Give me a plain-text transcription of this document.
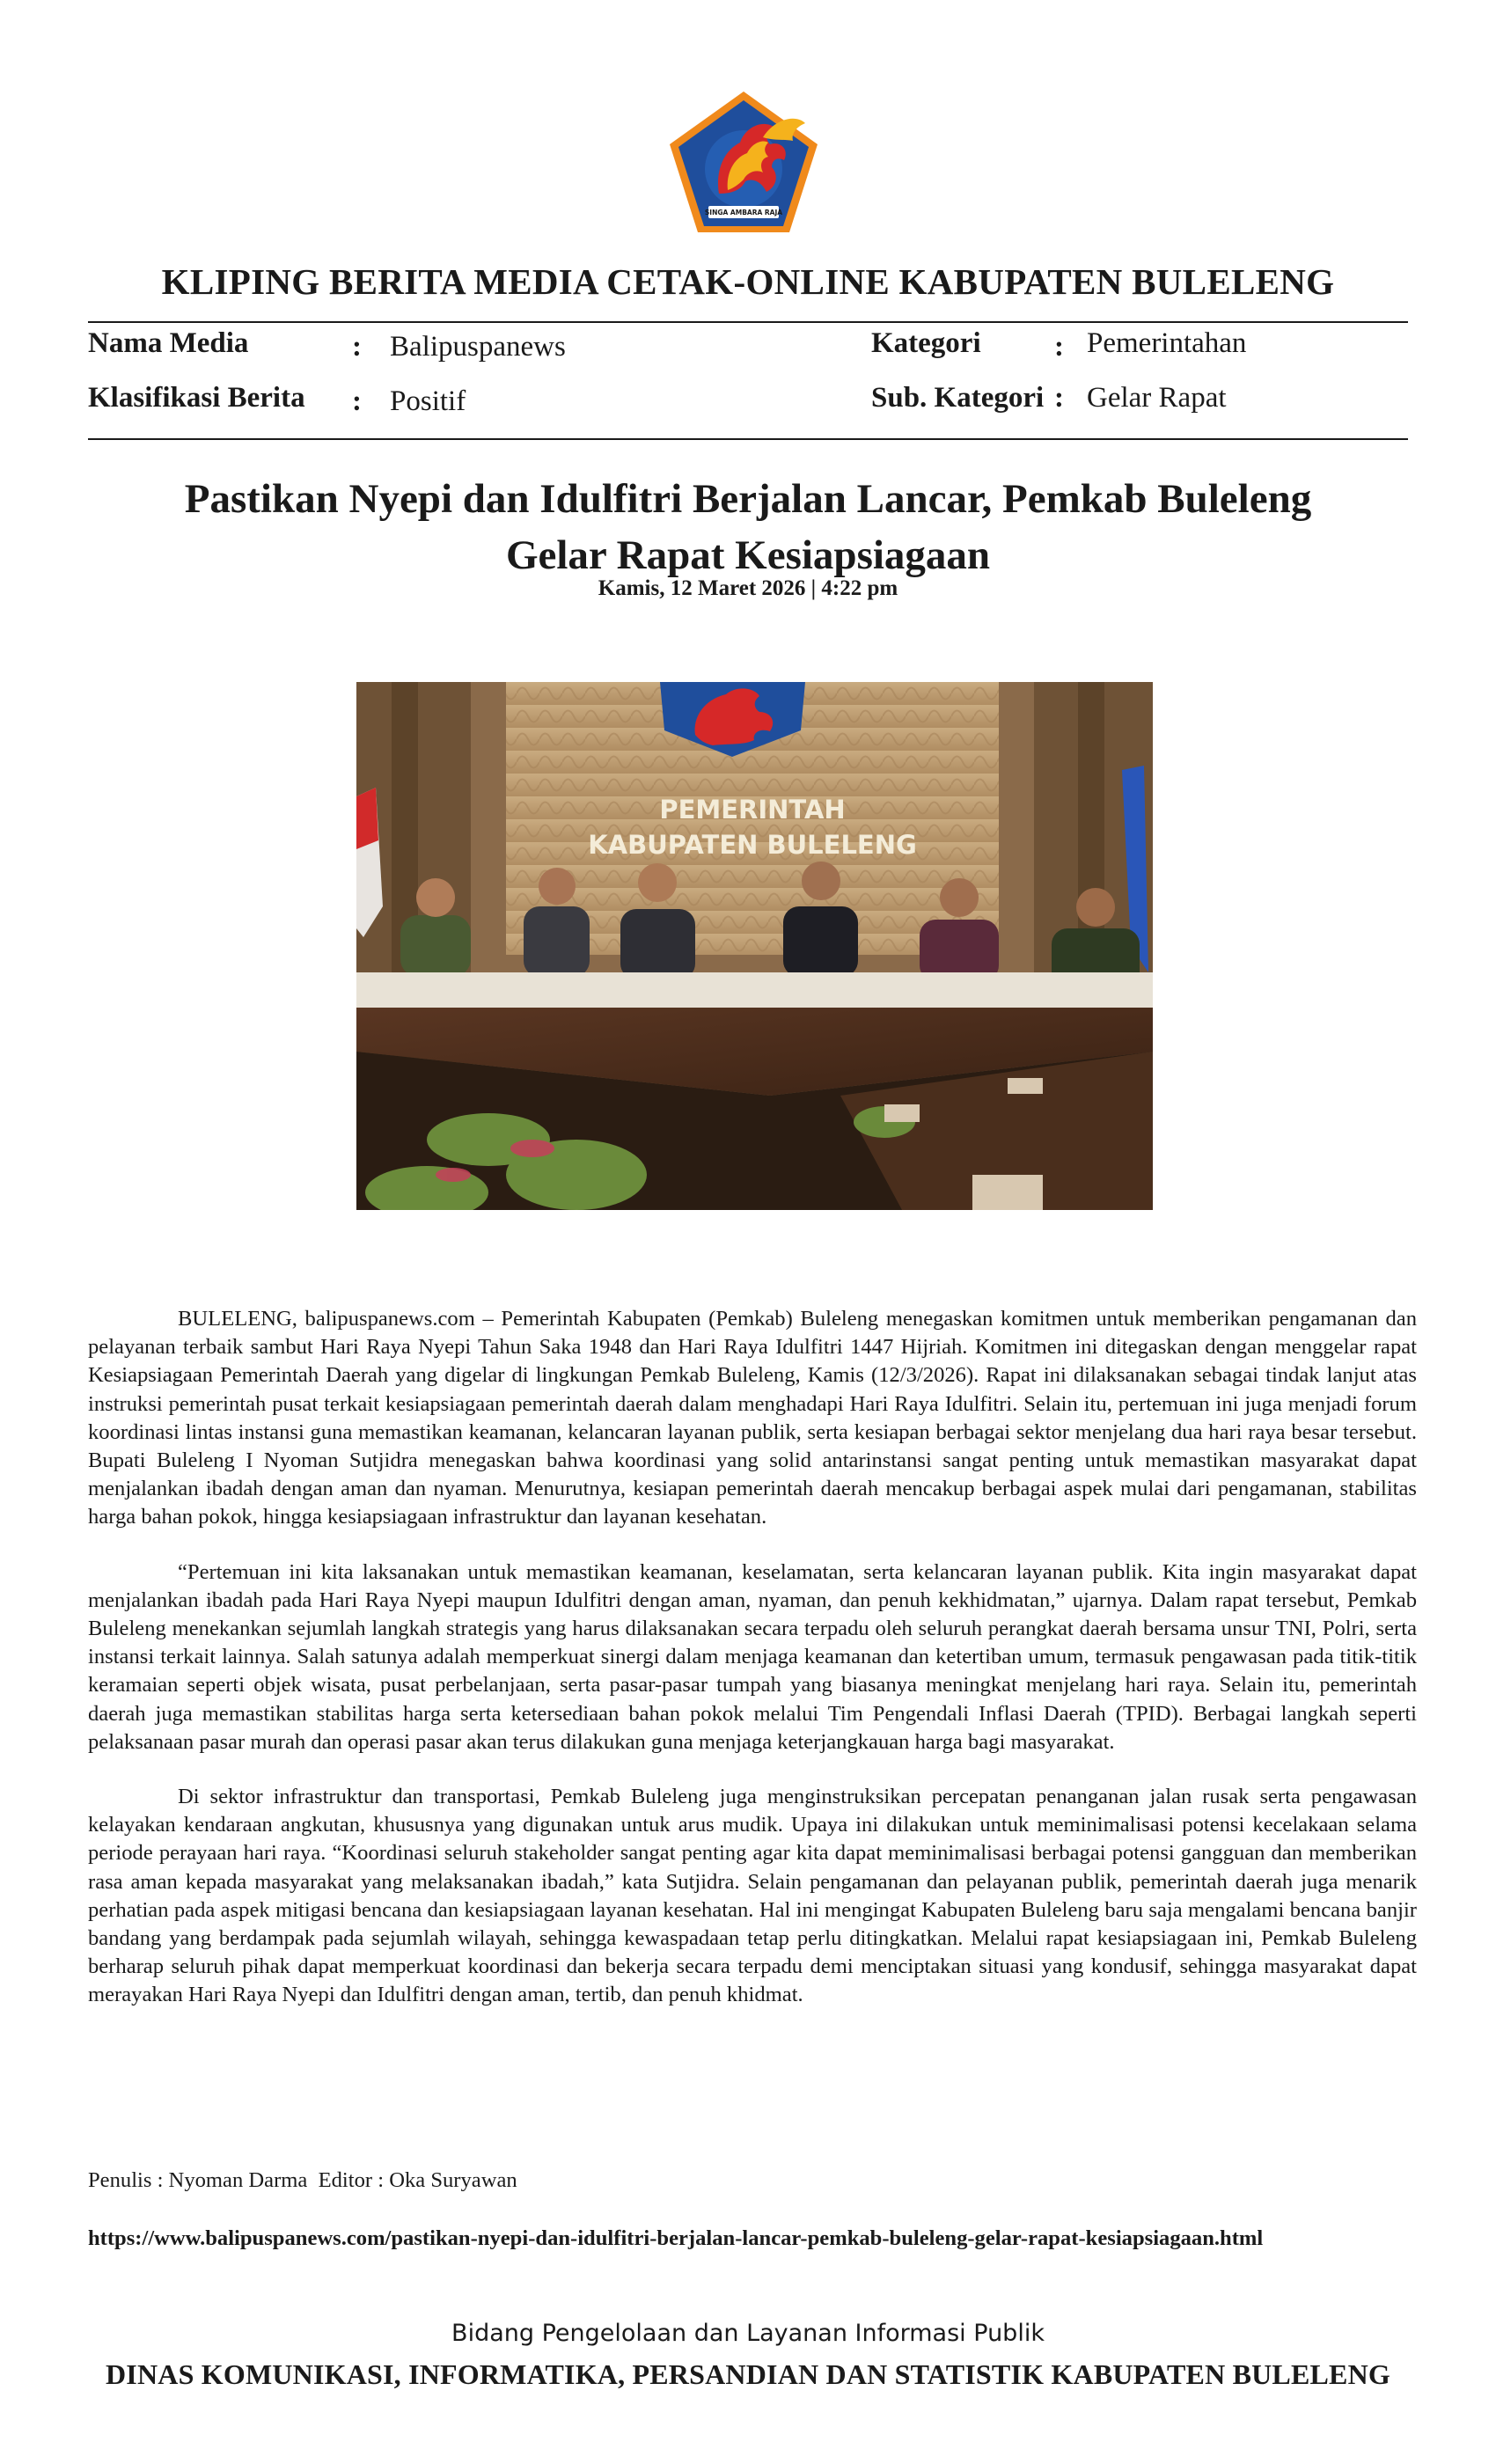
SINGA AMBARA RAJA
KLIPING BERITA MEDIA CETAK-ONLINE KABUPATEN BULELENG
Nama Media	: Balipuspanews
Klasifikasi Berita : Positif
Kategori	: Pemerintahan
Sub. Kategori : Gelar Rapat
Pastikan Nyepi dan Idulfitri Berjalan Lancar, Pemkab Buleleng
Gelar Rapat Kesiapsiagaan
Kamis, 12 Maret 2026 | 4:22 pm
PEMERINTAH
KABUPATEN BULELENG

BULELENG, balipuspanews.com – Pemerintah Kabupaten (Pemkab) Buleleng menegaskan komitmen untuk memberikan pengamanan dan pelayanan terbaik sambut Hari Raya Nyepi Tahun Saka 1948 dan Hari Raya Idulfitri 1447 Hijriah. Komitmen ini ditegaskan dengan menggelar rapat Kesiapsiagaan Pemerintah Daerah yang digelar di lingkungan Pemkab Buleleng, Kamis (12/3/2026). Rapat ini dilaksanakan sebagai tindak lanjut atas instruksi pemerintah pusat terkait kesiapsiagaan pemerintah daerah dalam menghadapi Hari Raya Idulfitri. Selain itu, pertemuan ini juga menjadi forum koordinasi lintas instansi guna memastikan keamanan, kelancaran layanan publik, serta kesiapan berbagai sektor menjelang dua hari raya besar tersebut. Bupati Buleleng I Nyoman Sutjidra menegaskan bahwa koordinasi yang solid antarinstansi sangat penting untuk memastikan masyarakat dapat menjalankan ibadah dengan aman dan nyaman. Menurutnya, kesiapan pemerintah daerah mencakup berbagai aspek mulai dari pengamanan, stabilitas harga bahan pokok, hingga kesiapsiagaan infrastruktur dan layanan kesehatan.

“Pertemuan ini kita laksanakan untuk memastikan keamanan, keselamatan, serta kelancaran layanan publik. Kita ingin masyarakat dapat menjalankan ibadah pada Hari Raya Nyepi maupun Idulfitri dengan aman, nyaman, dan penuh kekhidmatan,” ujarnya. Dalam rapat tersebut, Pemkab Buleleng menekankan sejumlah langkah strategis yang harus dilaksanakan secara terpadu oleh seluruh perangkat daerah bersama unsur TNI, Polri, serta instansi terkait lainnya. Salah satunya adalah memperkuat sinergi dalam menjaga keamanan dan ketertiban umum, termasuk pengawasan pada titik-titik keramaian seperti objek wisata, pusat perbelanjaan, serta pasar-pasar tumpah yang biasanya meningkat menjelang hari raya. Selain itu, pemerintah daerah juga memastikan stabilitas harga serta ketersediaan bahan pokok melalui Tim Pengendali Inflasi Daerah (TPID). Berbagai langkah seperti pelaksanaan pasar murah dan operasi pasar akan terus dilakukan guna menjaga keterjangkauan harga bagi masyarakat.

Di sektor infrastruktur dan transportasi, Pemkab Buleleng juga menginstruksikan percepatan penanganan jalan rusak serta pengawasan kelayakan kendaraan angkutan, khususnya yang digunakan untuk arus mudik. Upaya ini dilakukan untuk meminimalisasi potensi kecelakaan selama periode perayaan hari raya. “Koordinasi seluruh stakeholder sangat penting agar kita dapat meminimalisasi berbagai potensi gangguan dan memberikan rasa aman kepada masyarakat yang melaksanakan ibadah,” kata Sutjidra. Selain pengamanan dan pelayanan publik, pemerintah daerah juga menarik perhatian pada aspek mitigasi bencana dan kesiapsiagaan layanan kesehatan. Hal ini mengingat Kabupaten Buleleng baru saja mengalami bencana banjir bandang yang berdampak pada sejumlah wilayah, sehingga kewaspadaan tetap perlu ditingkatkan. Melalui rapat kesiapsiagaan ini, Pemkab Buleleng berharap seluruh pihak dapat memperkuat koordinasi dan bekerja secara terpadu demi menciptakan situasi yang kondusif, sehingga masyarakat dapat merayakan Hari Raya Nyepi dan Idulfitri dengan aman, tertib, dan penuh khidmat.

Penulis : Nyoman Darma  Editor : Oka Suryawan
https://www.balipuspanews.com/pastikan-nyepi-dan-idulfitri-berjalan-lancar-pemkab-buleleng-gelar-rapat-kesiapsiagaan.html
Bidang Pengelolaan dan Layanan Informasi Publik
DINAS KOMUNIKASI, INFORMATIKA, PERSANDIAN DAN STATISTIK KABUPATEN BULELENG
